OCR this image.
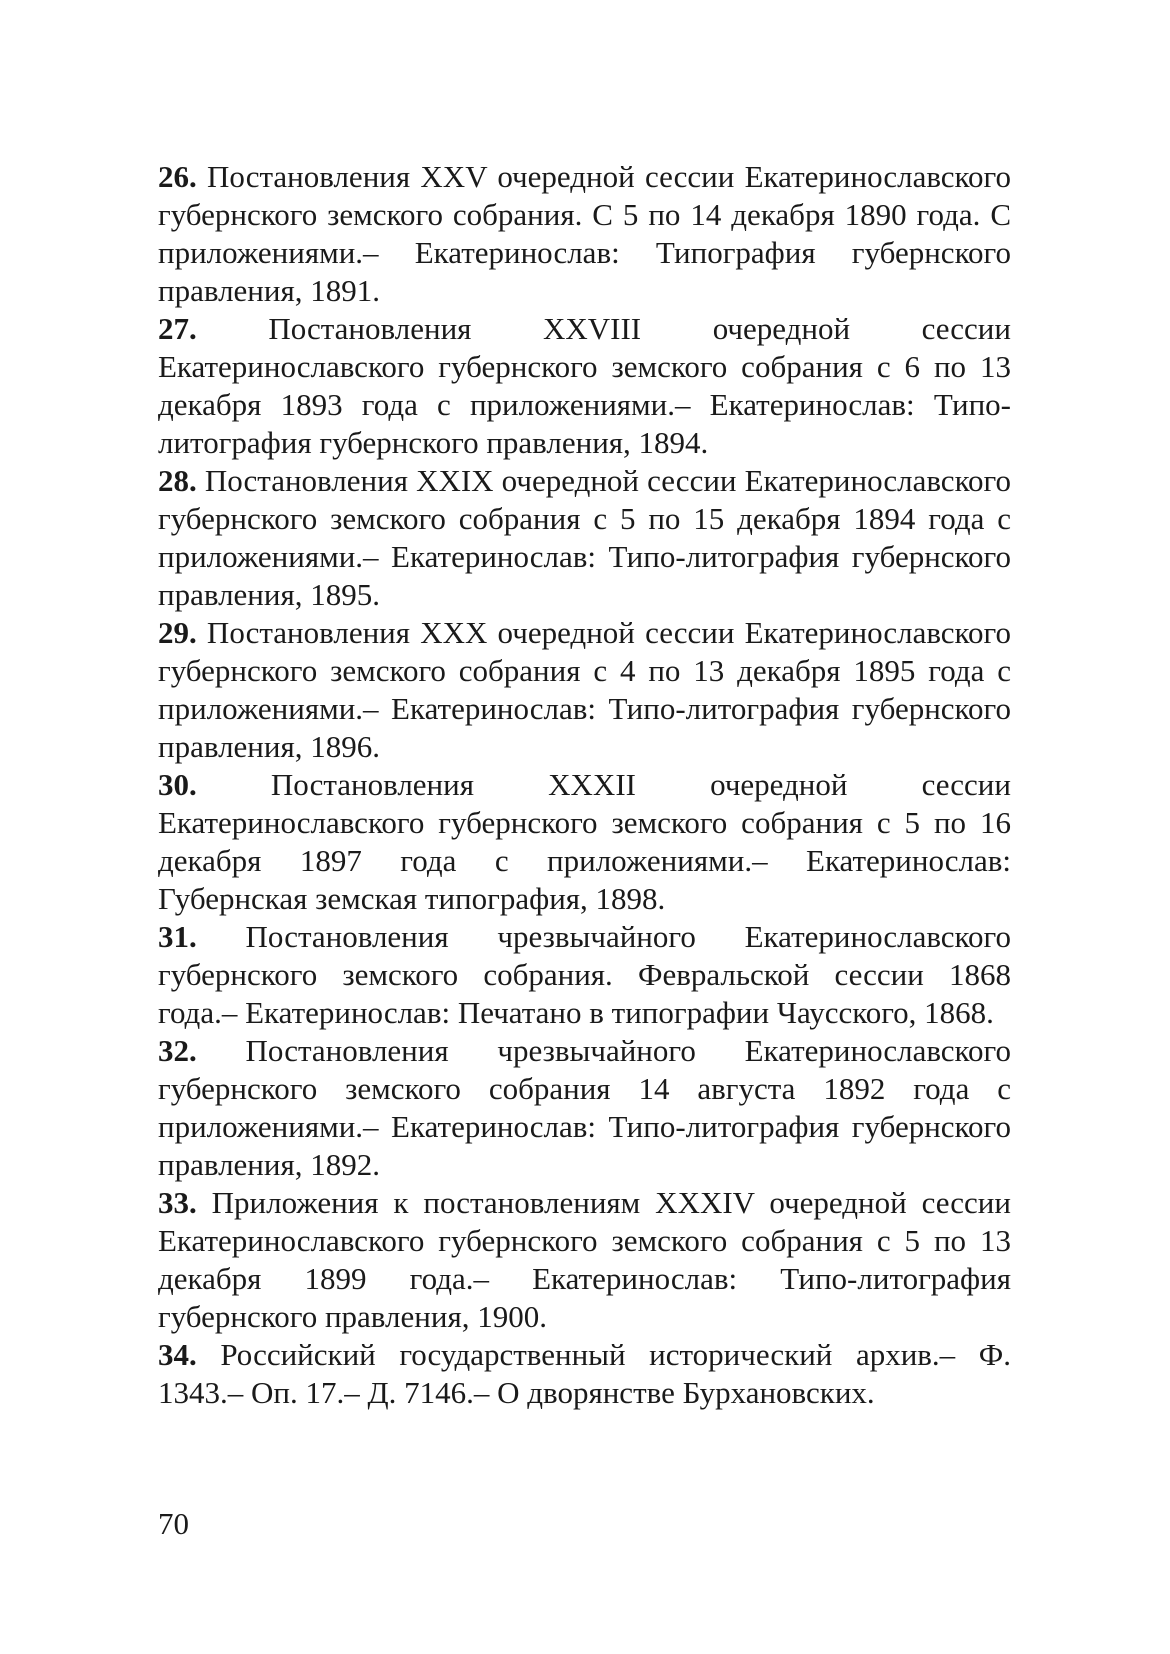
26. Постановления XXV очередной сессии Екатеринославского губернского земского собрания. С 5 по 14 декабря 1890 года. С приложениями.– Екатеринослав: Типография губернского правления, 1891.

27. Постановления XXVIII очередной сессии Екатеринославского губернского земского собрания с 6 по 13 декабря 1893 года с приложениями.– Екатеринослав: Типо-литография губернского правления, 1894.

28. Постановления XXIX очередной сессии Екатеринославского губернского земского собрания с 5 по 15 декабря 1894 года с приложениями.– Екатеринослав: Типо-литография губернского правления, 1895.

29. Постановления XXX очередной сессии Екатеринославского губернского земского собрания с 4 по 13 декабря 1895 года с приложениями.– Екатеринослав: Типо-литография губернского правления, 1896.

30. Постановления XXXII очередной сессии Екатеринославского губернского земского собрания с 5 по 16 декабря 1897 года с приложениями.– Екатеринослав: Губернская земская типография, 1898.

31. Постановления чрезвычайного Екатеринославского губернского земского собрания. Февральской сессии 1868 года.– Екатеринослав: Печатано в типографии Чаусского, 1868.

32. Постановления чрезвычайного Екатеринославского губернского земского собрания 14 августа 1892 года с приложениями.– Екатеринослав: Типо-литография губернского правления, 1892.

33. Приложения к постановлениям XXXIV очередной сессии Екатеринославского губернского земского собрания с 5 по 13 декабря 1899 года.– Екатеринослав: Типо-литография губернского правления, 1900.

34. Российский государственный исторический архив.– Ф. 1343.– Оп. 17.– Д. 7146.– О дворянстве Бурхановских.

70
